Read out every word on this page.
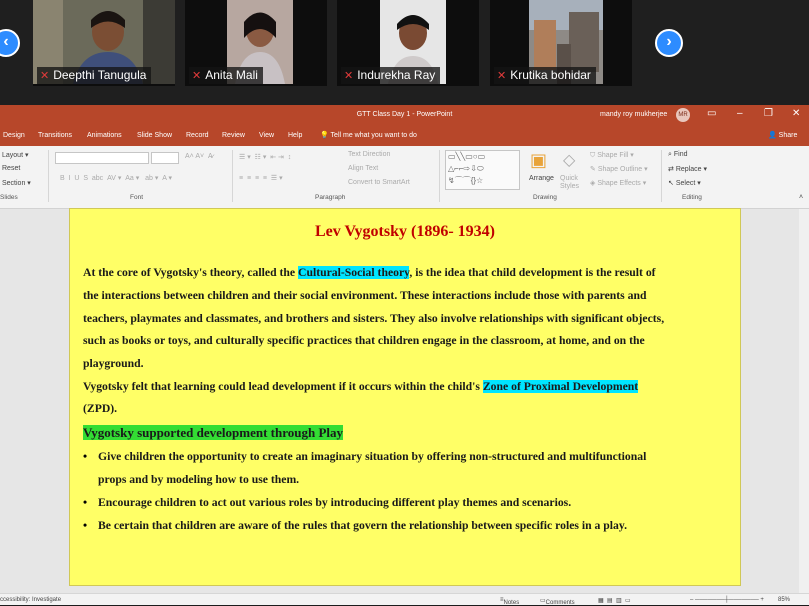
‹
✕ Deepthi Tanugula	✕ Anita Mali	✕ Indurekha Ray	✕ Krutika bohidar
›
GTT Class Day 1 - PowerPoint	mandy roy mukherjee	MR ▭ – ❐ ✕
Design Transitions Animations Slide Show Record Review View Help	💡 Tell me what you want to do	👤 Share
Layout ▾
Reset
Section ▾
Slides
A˄ A˅  A̷
B  I  U  S  abc  AV ▾  Aa ▾   ab ▾  A ▾
Font
☰ ▾  ☷ ▾  ⇤ ⇥  ↕
≡  ≡  ≡  ≡  ☰ ▾
Text Direction
Align Text
Convert to SmartArt
Paragraph
▭╲╲▭○▭
△⌐⌐⇨⇩⬭
↯⌒⌒{}☆
▣
Arrange
◇
Quick Styles
⛉ Shape Fill ▾
✎ Shape Outline ▾
◈ Shape Effects ▾
Drawing
⌕ Find
⇄ Replace ▾
↖ Select ▾
Editing	˄
Lev Vygotsky (1896- 1934)
At the core of Vygotsky's theory, called the Cultural-Social theory, is the idea that child development is the result of
the interactions between children and their social environment. These interactions include those with parents and
teachers, playmates and classmates, and brothers and sisters. They also involve relationships with significant objects,
such as books or toys, and culturally specific practices that children engage in the classroom, at home, and on the
playground.
Vygotsky felt that learning could lead development if it occurs within the child's Zone of Proximal Development
(ZPD).
Vygotsky supported development through Play
• Give children the opportunity to create an imaginary situation by offering non-structured and multifunctional
props and by modeling how to use them.
• Encourage children to act out various roles by introducing different play themes and scenarios.
• Be certain that children are aware of the rules that govern the relationship between specific roles in a play.
ccessibility: Investigate	≡ Notes	▭ Comments	▦  ▤  ▥  ▭	– ───────┼─────── + 85%
